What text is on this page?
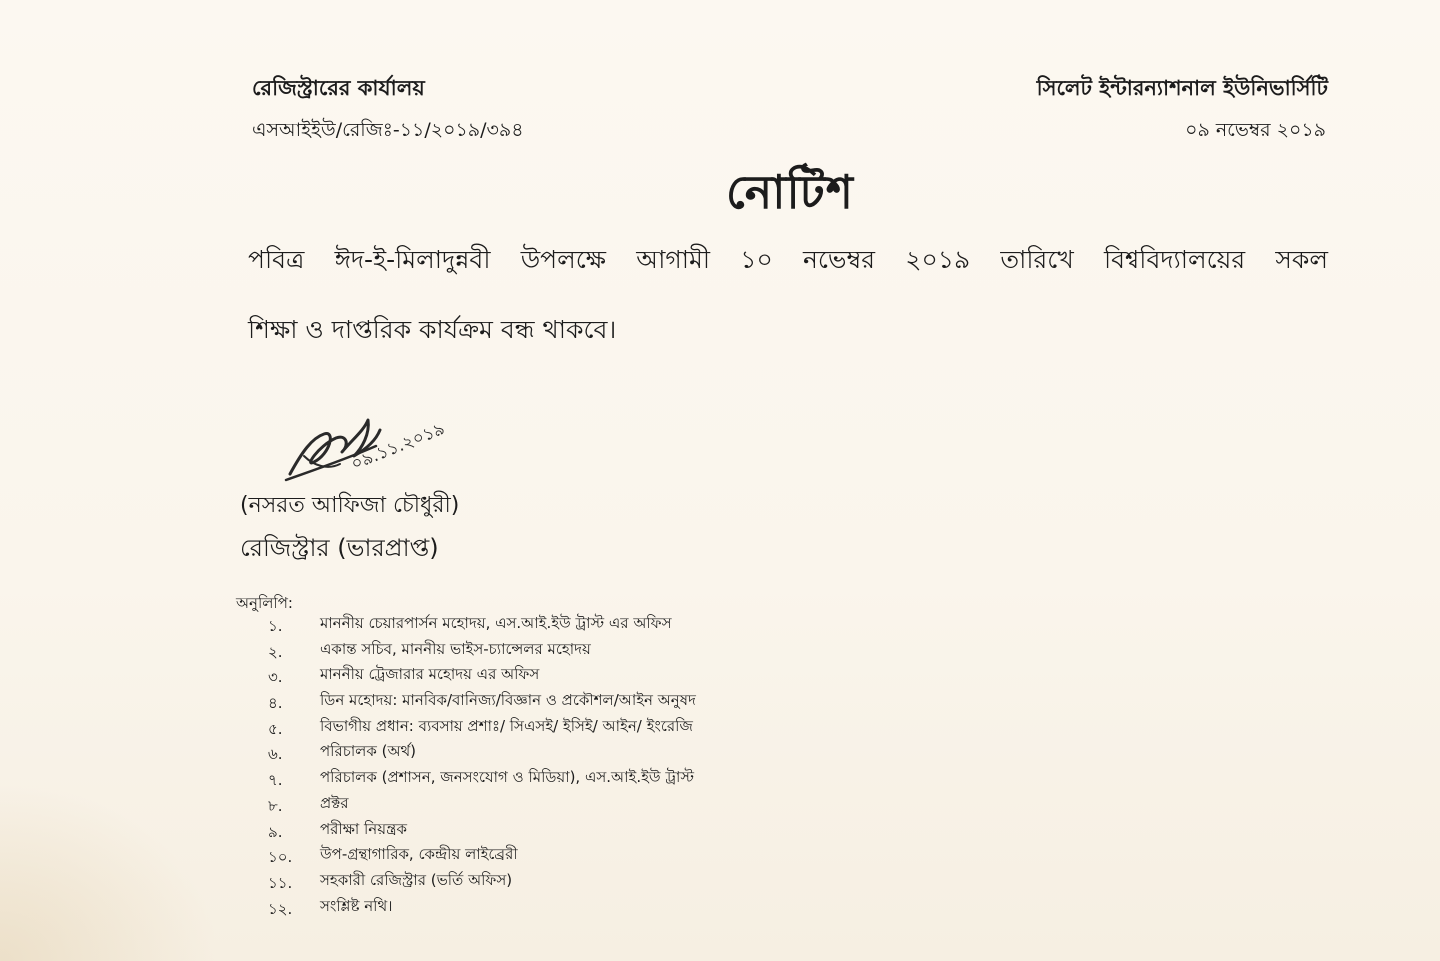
রেজিস্ট্রারের কার্যালয়
এসআইইউ/রেজিঃ-১১/২০১৯/৩৯৪
সিলেট ইন্টারন্যাশনাল ইউনিভার্সিটি
০৯ নভেম্বর ২০১৯
নোটিশ
পবিত্র ঈদ-ই-মিলাদুন্নবী উপলক্ষে আগামী ১০ নভেম্বর ২০১৯ তারিখে বিশ্ববিদ্যালয়ের সকল
শিক্ষা ও দাপ্তরিক কার্যক্রম বন্ধ থাকবে।
০৯.১১.২০১৯
(নসরত আফিজা চৌধুরী)
রেজিস্ট্রার (ভারপ্রাপ্ত)
অনুলিপি:
১.	মাননীয় চেয়ারপার্সন মহোদয়, এস.আই.ইউ ট্রাস্ট এর অফিস
২.	একান্ত সচিব, মাননীয় ভাইস-চ্যান্সেলর মহোদয়
৩.	মাননীয় ট্রেজারার মহোদয় এর অফিস
৪.	ডিন মহোদয়: মানবিক/বানিজ্য/বিজ্ঞান ও প্রকৌশল/আইন অনুষদ
৫.	বিভাগীয় প্রধান: ব্যবসায় প্রশাঃ/ সিএসই/ ইসিই/ আইন/ ইংরেজি
৬.	পরিচালক (অর্থ)
৭.	পরিচালক (প্রশাসন, জনসংযোগ ও মিডিয়া), এস.আই.ইউ ট্রাস্ট
৮.	প্রক্টর
৯.	পরীক্ষা নিয়ন্ত্রক
১০.	উপ-গ্রন্থাগারিক, কেন্দ্রীয় লাইব্রেরী
১১.	সহকারী রেজিস্ট্রার (ভর্তি অফিস)
১২.	সংশ্লিষ্ট নথি।
